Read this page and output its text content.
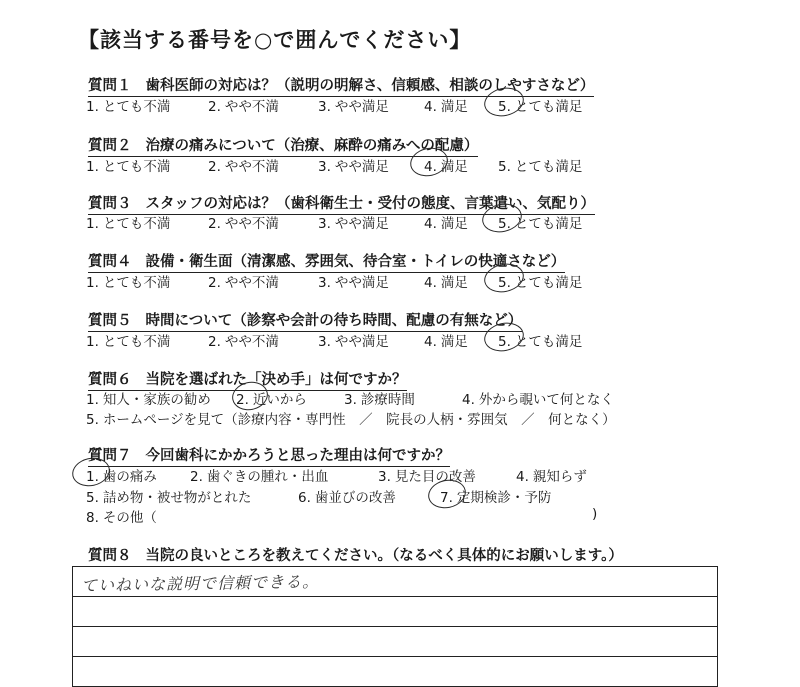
【該当する番号を○で囲んでください】
質問１ 歯科医師の対応は？（説明の明解さ、信頼感、相談のしやすさなど）
1. とても不満	2. やや不満	3. やや満足	4. 満足 5. とても満足
質問２ 治療の痛みについて（治療、麻酔の痛みへの配慮）
1. とても不満	2. やや不満	3. やや満足	4. 満足 5. とても満足
質問３ スタッフの対応は？（歯科衛生士・受付の態度、言葉遣い、気配り）
1. とても不満	2. やや不満	3. やや満足	4. 満足 5. とても満足
質問４ 設備・衛生面（清潔感、雰囲気、待合室・トイレの快適さなど）
1. とても不満	2. やや不満	3. やや満足	4. 満足 5. とても満足
質問５ 時間について（診察や会計の待ち時間、配慮の有無など）
1. とても不満	2. やや不満	3. やや満足	4. 満足 5. とても満足
質問６ 当院を選ばれた「決め手」は何ですか？
1. 知人・家族の勧め 2. 近いから	3. 診療時間	4. 外から覗いて何となく
5. ホームページを見て（診療内容・専門性　／　院長の人柄・雰囲気　／　何となく）
質問７ 今回歯科にかかろうと思った理由は何ですか？
1. 歯の痛み 2. 歯ぐきの腫れ・出血	3. 見た目の改善	4. 親知らず
5. 詰め物・被せ物がとれた	6. 歯並びの改善	7. 定期検診・予防
8. その他（	)
質問８ 当院の良いところを教えてください。（なるべく具体的にお願いします。）
ていねいな説明で信頼できる。
